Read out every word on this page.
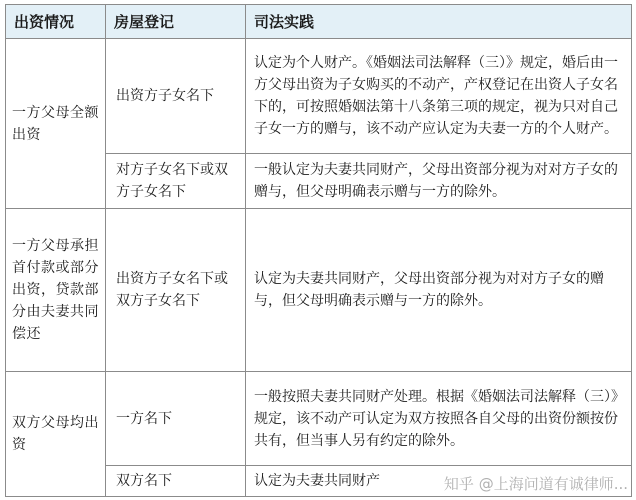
出资情况	房屋登记	司法实践
一方父母全额出资	出资方子女名下	认定为个人财产。《婚姻法司法解释（三）》规定，婚后由一方父母出资为子女购买的不动产，产权登记在出资人子女名下的，可按照婚姻法第十八条第三项的规定，视为只对自己子女一方的赠与，该不动产应认定为夫妻一方的个人财产。
	对方子女名下或双方子女名下	一般认定为夫妻共同财产，父母出资部分视为对对方子女的赠与，但父母明确表示赠与一方的除外。
一方父母承担首付款或部分出资，贷款部分由夫妻共同偿还	出资方子女名下或双方子女名下	认定为夫妻共同财产，父母出资部分视为对对方子女的赠与，但父母明确表示赠与一方的除外。
双方父母均出资	一方名下	一般按照夫妻共同财产处理。根据《婚姻法司法解释（三）》规定，该不动产可认定为双方按照各自父母的出资份额按份共有，但当事人另有约定的除外。
	双方名下	认定为夫妻共同财产	知乎 @上海问道有诚律师...
